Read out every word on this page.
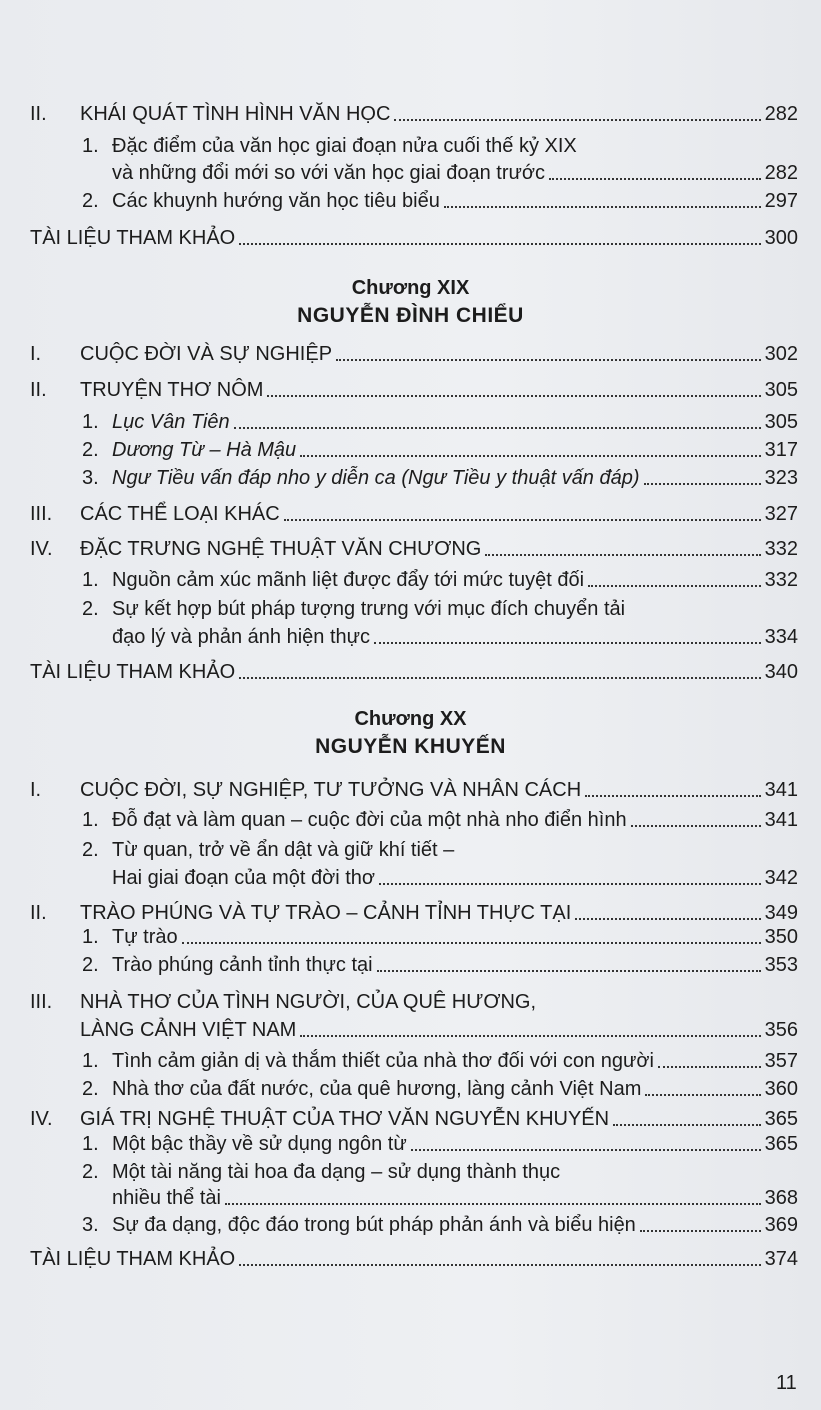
II.	KHÁI QUÁT TÌNH HÌNH VĂN HỌC	282
1. Đặc điểm của văn học giai đoạn nửa cuối thế kỷ XIX
và những đổi mới so với văn học giai đoạn trước	282
2. Các khuynh hướng văn học tiêu biểu	297
TÀI LIỆU THAM KHẢO	300
Chương XIX
NGUYỄN ĐÌNH CHIỂU
I.	CUỘC ĐỜI VÀ SỰ NGHIỆP	302
II.	TRUYỆN THƠ NÔM	305
1. Lục Vân Tiên	305
2. Dương Từ – Hà Mậu	317
3. Ngư Tiều vấn đáp nho y diễn ca (Ngư Tiều y thuật vấn đáp)	323
III.	CÁC THỂ LOẠI KHÁC	327
IV.	ĐẶC TRƯNG NGHỆ THUẬT VĂN CHƯƠNG	332
1. Nguồn cảm xúc mãnh liệt được đẩy tới mức tuyệt đối	332
2. Sự kết hợp bút pháp tượng trưng với mục đích chuyển tải
đạo lý và phản ánh hiện thực	334
TÀI LIỆU THAM KHẢO	340
Chương XX
NGUYỄN KHUYẾN
I.	CUỘC ĐỜI, SỰ NGHIỆP, TƯ TƯỞNG VÀ NHÂN CÁCH	341
1. Đỗ đạt và làm quan – cuộc đời của một nhà nho điển hình	341
2. Từ quan, trở về ẩn dật và giữ khí tiết –
Hai giai đoạn của một đời thơ	342
II.	TRÀO PHÚNG VÀ TỰ TRÀO – CẢNH TỈNH THỰC TẠI	349
1. Tự trào	350
2. Trào phúng cảnh tỉnh thực tại	353
III.	NHÀ THƠ CỦA TÌNH NGƯỜI, CỦA QUÊ HƯƠNG,
LÀNG CẢNH VIỆT NAM	356
1. Tình cảm giản dị và thắm thiết của nhà thơ đối với con người	357
2. Nhà thơ của đất nước, của quê hương, làng cảnh Việt Nam	360
IV.	GIÁ TRỊ NGHỆ THUẬT CỦA THƠ VĂN NGUYỄN KHUYẾN	365
1. Một bậc thầy về sử dụng ngôn từ	365
2. Một tài năng tài hoa đa dạng – sử dụng thành thục
nhiều thể tài	368
3. Sự đa dạng, độc đáo trong bút pháp phản ánh và biểu hiện	369
TÀI LIỆU THAM KHẢO	374
11
